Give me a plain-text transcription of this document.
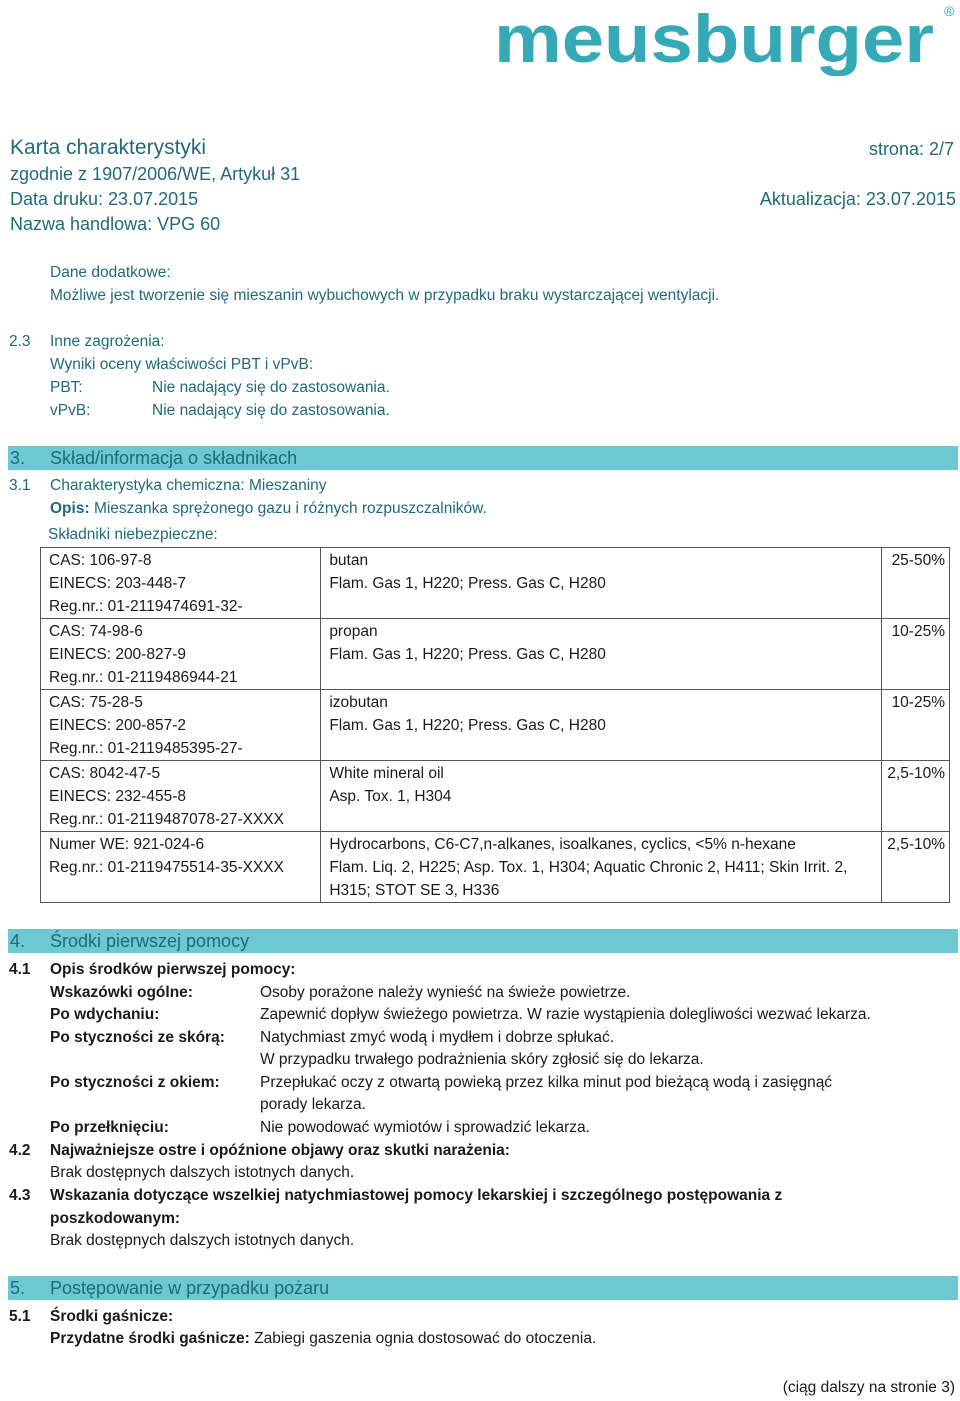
meusburger ®
Karta charakterystyki	strona: 2/7
zgodnie z 1907/2006/WE, Artykuł 31
Data druku: 23.07.2015	Aktualizacja: 23.07.2015
Nazwa handlowa: VPG 60
Dane dodatkowe:
Możliwe jest tworzenie się mieszanin wybuchowych w przypadku braku wystarczającej wentylacji.
2.3 Inne zagrożenia:
Wyniki oceny właściwości PBT i vPvB:
PBT:	Nie nadający się do zastosowania.
vPvB:	Nie nadający się do zastosowania.
3. Skład/informacja o składnikach
3.1 Charakterystyka chemiczna: Mieszaniny
Opis: Mieszanka sprężonego gazu i różnych rozpuszczalników.
Składniki niebezpieczne:
CAS: 106-97-8
EINECS: 203-448-7
Reg.nr.: 01-2119474691-32-	butan
Flam. Gas 1, H220; Press. Gas C, H280	25-50%

CAS: 74-98-6
EINECS: 200-827-9
Reg.nr.: 01-2119486944-21	propan
Flam. Gas 1, H220; Press. Gas C, H280	10-25%

CAS: 75-28-5
EINECS: 200-857-2
Reg.nr.: 01-2119485395-27-	izobutan
Flam. Gas 1, H220; Press. Gas C, H280	10-25%

CAS: 8042-47-5
EINECS: 232-455-8
Reg.nr.: 01-2119487078-27-XXXX	White mineral oil
Asp. Tox. 1, H304	2,5-10%

Numer WE: 921-024-6
Reg.nr.: 01-2119475514-35-XXXX	Hydrocarbons, C6-C7,n-alkanes, isoalkanes, cyclics, <5% n-hexane
Flam. Liq. 2, H225; Asp. Tox. 1, H304; Aquatic Chronic 2, H411; Skin Irrit. 2, H315; STOT SE 3, H336	2,5-10%
4. Środki pierwszej pomocy
4.1 Opis środków pierwszej pomocy:
Wskazówki ogólne:	Osoby porażone należy wynieść na świeże powietrze.
Po wdychaniu:	Zapewnić dopływ świeżego powietrza. W razie wystąpienia dolegliwości wezwać lekarza.
Po styczności ze skórą: Natychmiast zmyć wodą i mydłem i dobrze spłukać.
W przypadku trwałego podrażnienia skóry zgłosić się do lekarza.
Po styczności z okiem:	Przepłukać oczy z otwartą powieką przez kilka minut pod bieżącą wodą i zasięgnąć
porady lekarza.
Po przełknięciu:	Nie powodować wymiotów i sprowadzić lekarza.
4.2 Najważniejsze ostre i opóźnione objawy oraz skutki narażenia:
Brak dostępnych dalszych istotnych danych.
4.3 Wskazania dotyczące wszelkiej natychmiastowej pomocy lekarskiej i szczególnego postępowania z
poszkodowanym:
Brak dostępnych dalszych istotnych danych.
5. Postępowanie w przypadku pożaru
5.1 Środki gaśnicze:
Przydatne środki gaśnicze: Zabiegi gaszenia ognia dostosować do otoczenia.
(ciąg dalszy na stronie 3)
